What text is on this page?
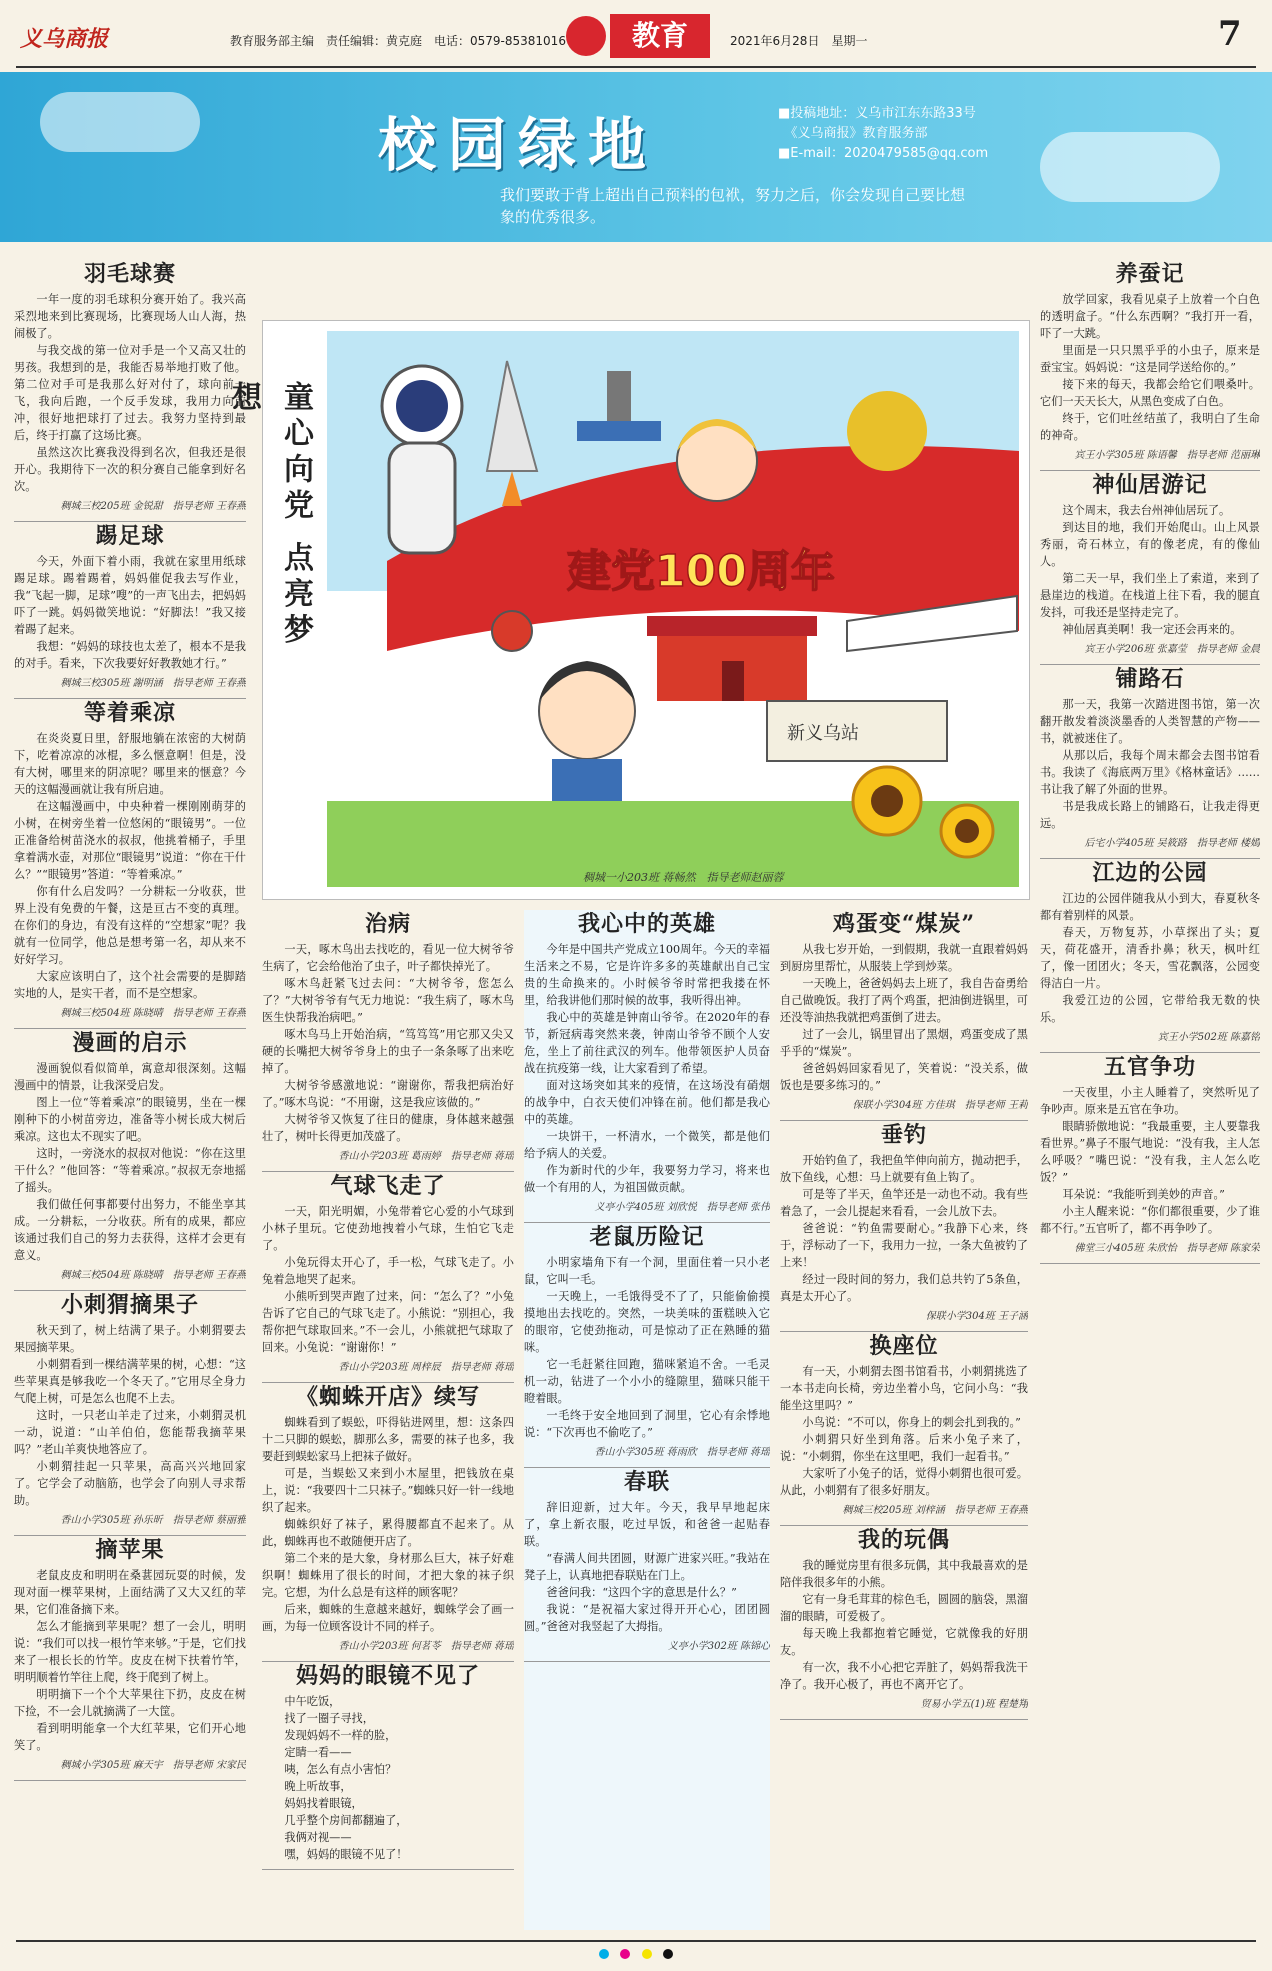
义乌商报	教育服务部主编　责任编辑：黄克庭　电话：0579-85381016	教育	2021年6月28日　星期一	7
校园绿地	■投稿地址：义乌市江东东路33号
　《义乌商报》教育服务部
■E-mail：2020479585@qq.com
我们要敢于背上超出自己预料的包袱，努力之后，你会发现自己要比想象的优秀很多。
羽毛球赛

一年一度的羽毛球积分赛开始了。我兴高采烈地来到比赛现场，比赛现场人山人海，热闹极了。

与我交战的第一位对手是一个又高又壮的男孩。我想到的是，我能否易举地打败了他。第二位对手可是我那么好对付了，球向前一飞，我向后跑，一个反手发球，我用力向前冲，很好地把球打了过去。我努力坚持到最后，终于打赢了这场比赛。

虽然这次比赛我没得到名次，但我还是很开心。我期待下一次的积分赛自己能拿到好名次。

稠城三校205班 金锐甜　指导老师 王春燕
踢足球

今天，外面下着小雨，我就在家里用纸球踢足球。踢着踢着，妈妈催促我去写作业，我“飞起一脚，足球”嗖”的一声飞出去，把妈妈吓了一跳。妈妈微笑地说：“好脚法！”我又接着踢了起来。

我想：“妈妈的球技也太差了，根本不是我的对手。看来，下次我要好好教教她才行。”

稠城三校305班 謝明涵　指导老师 王春燕
等着乘凉

在炎炎夏日里，舒服地躺在浓密的大树荫下，吃着凉凉的冰棍，多么惬意啊！但是，没有大树，哪里来的阴凉呢？哪里来的惬意？今天的这幅漫画就让我有所启迪。

在这幅漫画中，中央种着一棵刚刚萌芽的小树，在树旁坐着一位悠闲的“眼镜男”。一位正准备给树苗浇水的叔叔，他挑着桶子，手里拿着满水壶，对那位“眼镜男”说道：“你在干什么？”“眼镜男”答道：“等着乘凉。”

你有什么启发吗？一分耕耘一分收获，世界上没有免费的午餐，这是亘古不变的真理。在你们的身边，有没有这样的“空想家”呢？我就有一位同学，他总是想考第一名，却从来不好好学习。

大家应该明白了，这个社会需要的是脚踏实地的人，是实干者，而不是空想家。

稠城三校504班 陈晓晴　指导老师 王春燕
漫画的启示

漫画貌似看似简单，寓意却很深刻。这幅漫画中的情景，让我深受启发。

图上一位“等着乘凉”的眼镜男，坐在一棵刚种下的小树苗旁边，准备等小树长成大树后乘凉。这也太不现实了吧。

这时，一旁浇水的叔叔对他说：“你在这里干什么？”他回答：“等着乘凉。”叔叔无奈地摇了摇头。

我们做任何事都要付出努力，不能坐享其成。一分耕耘，一分收获。所有的成果，都应该通过我们自己的努力去获得，这样才会更有意义。

稠城三校504班 陈晓晴　指导老师 王春燕
小刺猬摘果子

秋天到了，树上结满了果子。小刺猬要去果园摘苹果。

小刺猬看到一棵结满苹果的树，心想：“这些苹果真是够我吃一个冬天了。”它用尽全身力气爬上树，可是怎么也爬不上去。

这时，一只老山羊走了过来，小刺猬灵机一动，说道：“山羊伯伯，您能帮我摘苹果吗？”老山羊爽快地答应了。

小刺猬挂起一只苹果，高高兴兴地回家了。它学会了动脑筋，也学会了向别人寻求帮助。

香山小学305班 孙乐昕　指导老师 蔡丽雅
摘苹果

老鼠皮皮和明明在桑葚园玩耍的时候，发现对面一棵苹果树，上面结满了又大又红的苹果，它们准备摘下来。

怎么才能摘到苹果呢？想了一会儿，明明说：“我们可以找一根竹竿来够。”于是，它们找来了一根长长的竹竿。皮皮在树下扶着竹竿，明明顺着竹竿往上爬，终于爬到了树上。

明明摘下一个个大苹果往下扔，皮皮在树下捡，不一会儿就摘满了一大筐。

看到明明能拿一个大红苹果，它们开心地笑了。

稠城小学305班 麻天宇　指导老师 宋家民
养蚕记

放学回家，我看见桌子上放着一个白色的透明盒子。“什么东西啊？”我打开一看，吓了一大跳。

里面是一只只黑乎乎的小虫子，原来是蚕宝宝。妈妈说：“这是同学送给你的。”

接下来的每天，我都会给它们喂桑叶。它们一天天长大，从黑色变成了白色。

终于，它们吐丝结茧了，我明白了生命的神奇。

宾王小学305班 陈语馨　指导老师 范丽琳
神仙居游记

这个周末，我去台州神仙居玩了。

到达目的地，我们开始爬山。山上风景秀丽，奇石林立，有的像老虎，有的像仙人。

第二天一早，我们坐上了索道，来到了悬崖边的栈道。在栈道上往下看，我的腿直发抖，可我还是坚持走完了。

神仙居真美啊！我一定还会再来的。

宾王小学206班 张嘉莹　指导老师 金晨
铺路石

那一天，我第一次踏进图书馆，第一次翻开散发着淡淡墨香的人类智慧的产物——书，就被迷住了。

从那以后，我每个周末都会去图书馆看书。我读了《海底两万里》《格林童话》……书让我了解了外面的世界。

书是我成长路上的铺路石，让我走得更远。

后宅小学405班 吴筱路　指导老师 楼嫣
江边的公园

江边的公园伴随我从小到大，春夏秋冬都有着别样的风景。

春天，万物复苏，小草探出了头；夏天，荷花盛开，清香扑鼻；秋天，枫叶红了，像一团团火；冬天，雪花飘落，公园变得洁白一片。

我爱江边的公园，它带给我无数的快乐。

宾王小学502班 陈嘉铭
五官争功

一天夜里，小主人睡着了，突然听见了争吵声。原来是五官在争功。

眼睛骄傲地说：“我最重要，主人要靠我看世界。”鼻子不服气地说：“没有我，主人怎么呼吸？”嘴巴说：“没有我，主人怎么吃饭？”

耳朵说：“我能听到美妙的声音。”

小主人醒来说：“你们都很重要，少了谁都不行。”五官听了，都不再争吵了。

佛堂三小405班 朱欣怡　指导老师 陈家荣
童心向党 点亮梦想
建党100周年
新义乌站
稠城一小203班 蒋畅然　指导老师赵丽蓉
治病

一天，啄木鸟出去找吃的，看见一位大树爷爷生病了，它会给他治了虫子，叶子都快掉光了。

啄木鸟赶紧飞过去问：“大树爷爷，您怎么了？”大树爷爷有气无力地说：“我生病了，啄木鸟医生快帮我治病吧。”

啄木鸟马上开始治病，“笃笃笃”用它那又尖又硬的长嘴把大树爷爷身上的虫子一条条啄了出来吃掉了。

大树爷爷感激地说：“谢谢你，帮我把病治好了。”啄木鸟说：“不用谢，这是我应该做的。”

大树爷爷又恢复了往日的健康，身体越来越强壮了，树叶长得更加茂盛了。

香山小学203班 葛雨婷　指导老师 蒋瑶
气球飞走了

一天，阳光明媚，小兔带着它心爱的小气球到小林子里玩。它使劲地拽着小气球，生怕它飞走了。

小兔玩得太开心了，手一松，气球飞走了。小兔着急地哭了起来。

小熊听到哭声跑了过来，问：“怎么了？”小兔告诉了它自己的气球飞走了。小熊说：“别担心，我帮你把气球取回来。”不一会儿，小熊就把气球取了回来。小兔说：“谢谢你！”

香山小学203班 周梓辰　指导老师 蒋瑶
《蜘蛛开店》续写

蜘蛛看到了蜈蚣，吓得钻进网里，想：这条四十二只脚的蜈蚣，脚那么多，需要的袜子也多，我要赶到蜈蚣家马上把袜子做好。

可是，当蜈蚣又来到小木屋里，把钱放在桌上，说：“我要四十二只袜子。”蜘蛛只好一针一线地织了起来。

蜘蛛织好了袜子，累得腰都直不起来了。从此，蜘蛛再也不敢随便开店了。

第二个来的是大象，身材那么巨大，袜子好难织啊！蜘蛛用了很长的时间，才把大象的袜子织完。它想，为什么总是有这样的顾客呢？

后来，蜘蛛的生意越来越好，蜘蛛学会了画一画，为每一位顾客设计不同的样子。

香山小学203班 何茗苓　指导老师 蒋瑶
妈妈的眼镜不见了

中午吃饭，

找了一圈子寻找，

发现妈妈不一样的脸，

定睛一看——

咦，怎么有点小害怕？

晚上听故事，

妈妈找着眼镜，

几乎整个房间都翻遍了，

我俩对视——

嘿，妈妈的眼镜不见了！

我心中的英雄

今年是中国共产党成立100周年。今天的幸福生活来之不易，它是许许多多的英雄献出自己宝贵的生命换来的。小时候爷爷时常把我搂在怀里，给我讲他们那时候的故事，我听得出神。

我心中的英雄是钟南山爷爷。在2020年的春节，新冠病毒突然来袭，钟南山爷爷不顾个人安危，坐上了前往武汉的列车。他带领医护人员奋战在抗疫第一线，让大家看到了希望。

面对这场突如其来的疫情，在这场没有硝烟的战争中，白衣天使们冲锋在前。他们都是我心中的英雄。

一块饼干，一杯清水，一个微笑，都是他们给予病人的关爱。

作为新时代的少年，我要努力学习，将来也做一个有用的人，为祖国做贡献。

义亭小学405班 刘欣悦　指导老师 张伟
老鼠历险记

小明家墙角下有一个洞，里面住着一只小老鼠，它叫一毛。

一天晚上，一毛饿得受不了了，只能偷偷摸摸地出去找吃的。突然，一块美味的蛋糕映入它的眼帘，它使劲拖动，可是惊动了正在熟睡的猫咪。

它一毛赶紧往回跑，猫咪紧追不舍。一毛灵机一动，钻进了一个小小的缝隙里，猫咪只能干瞪着眼。

一毛终于安全地回到了洞里，它心有余悸地说：“下次再也不偷吃了。”

香山小学305班 蒋雨欣　指导老师 蒋瑶
春联

辞旧迎新，过大年。今天，我早早地起床了，拿上新衣服，吃过早饭，和爸爸一起贴春联。

“春满人间共团圆，财源广进家兴旺。”我站在凳子上，认真地把春联贴在门上。

爸爸问我：“这四个字的意思是什么？”

我说：“是祝福大家过得开开心心，团团圆圆。”爸爸对我竖起了大拇指。

义亭小学302班 陈锦心
鸡蛋变“煤炭”

从我七岁开始，一到假期，我就一直跟着妈妈到厨房里帮忙，从服装上学到炒菜。

一天晚上，爸爸妈妈去上班了，我自告奋勇给自己做晚饭。我打了两个鸡蛋，把油倒进锅里，可还没等油热我就把鸡蛋倒了进去。

过了一会儿，锅里冒出了黑烟，鸡蛋变成了黑乎乎的“煤炭”。

爸爸妈妈回家看见了，笑着说：“没关系，做饭也是要多练习的。”

保联小学304班 方佳琪　指导老师 王莉
垂钓

开始钓鱼了，我把鱼竿伸向前方，抛动把手，放下鱼线，心想：马上就要有鱼上钩了。

可是等了半天，鱼竿还是一动也不动。我有些着急了，一会儿提起来看看，一会儿放下去。

爸爸说：“钓鱼需要耐心。”我静下心来，终于，浮标动了一下，我用力一拉，一条大鱼被钓了上来！

经过一段时间的努力，我们总共钓了5条鱼，真是太开心了。

保联小学304班 王子涵
换座位

有一天，小刺猬去图书馆看书，小刺猬挑选了一本书走向长椅，旁边坐着小鸟，它问小鸟：“我能坐这里吗？”

小鸟说：“不可以，你身上的刺会扎到我的。”

小刺猬只好坐到角落。后来小兔子来了，说：“小刺猬，你坐在这里吧，我们一起看书。”

大家听了小兔子的话，觉得小刺猬也很可爱。从此，小刺猬有了很多好朋友。

稠城三校205班 刘梓涵　指导老师 王春燕
我的玩偶

我的睡觉房里有很多玩偶，其中我最喜欢的是陪伴我很多年的小熊。

它有一身毛茸茸的棕色毛，圆圆的脑袋，黑溜溜的眼睛，可爱极了。

每天晚上我都抱着它睡觉，它就像我的好朋友。

有一次，我不小心把它弄脏了，妈妈帮我洗干净了。我开心极了，再也不离开它了。

贸易小学五(1)班 程楚翔
